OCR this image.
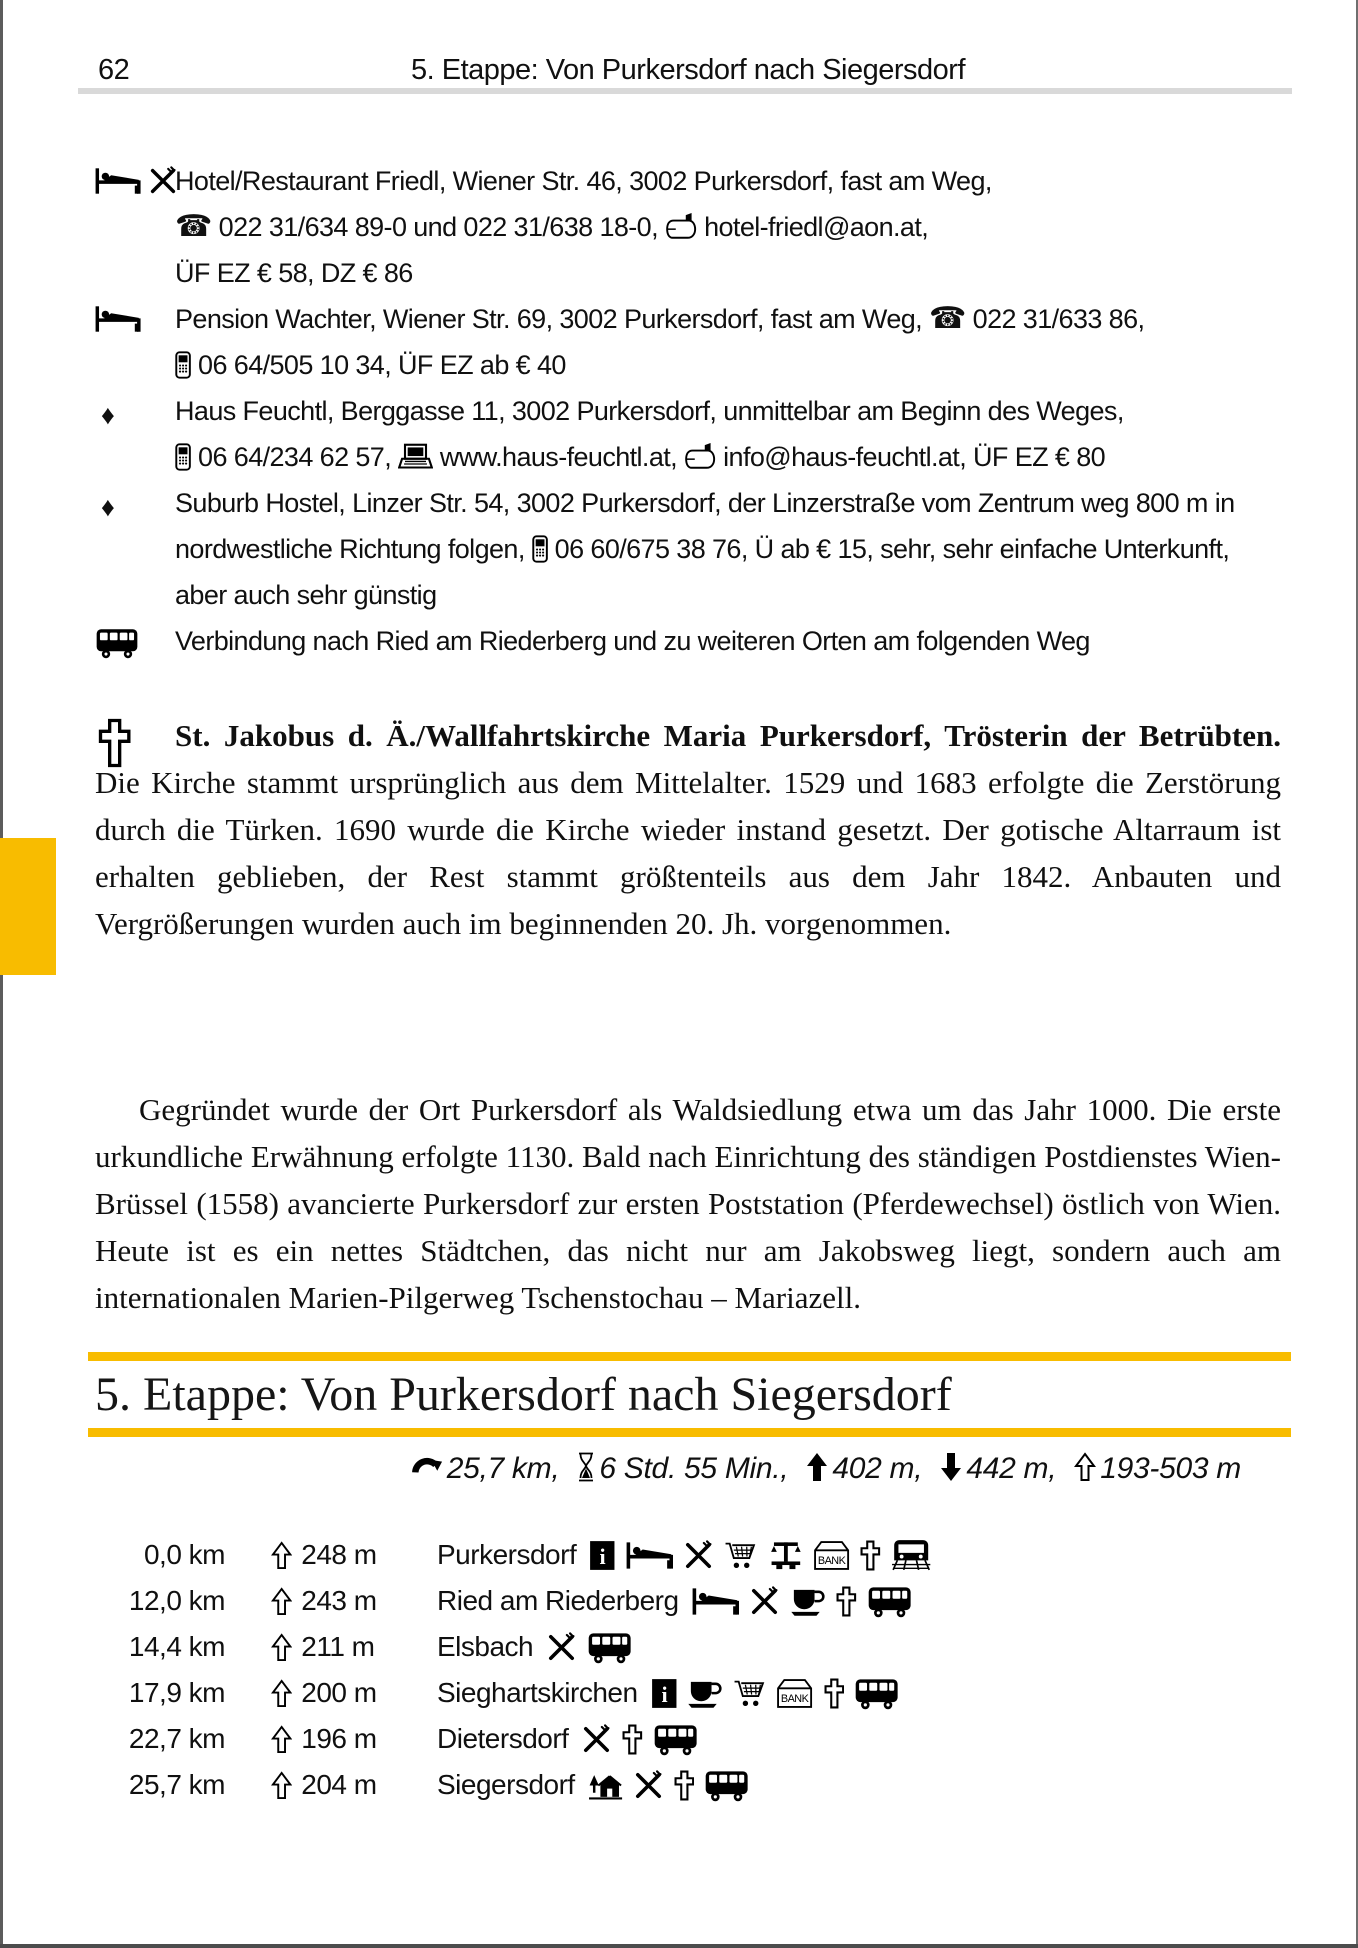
62	5. Etappe: Von Purkersdorf nach Siegersdorf
Hotel/Restaurant Friedl, Wiener Str. 46, 3002 Purkersdorf, fast am Weg,
☎ 022 31/634 89-0 und 022 31/638 18-0,  hotel-friedl@aon.at,
ÜF EZ € 58, DZ € 86
Pension Wachter, Wiener Str. 69, 3002 Purkersdorf, fast am Weg, ☎ 022 31/633 86,
06 64/505 10 34, ÜF EZ ab € 40
♦ Haus Feuchtl, Berggasse 11, 3002 Purkersdorf, unmittelbar am Beginn des Weges,
06 64/234 62 57,  www.haus-feuchtl.at,  info@haus-feuchtl.at, ÜF EZ € 80
♦ Suburb Hostel, Linzer Str. 54, 3002 Purkersdorf, der Linzerstraße vom Zentrum weg 800 m in nordwestliche Richtung folgen,  06 60/675 38 76, Ü ab € 15, sehr, sehr einfache Unterkunft, aber auch sehr günstig
Verbindung nach Ried am Riederberg und zu weiteren Orten am folgenden Weg

St. Jakobus d. Ä./Wallfahrtskirche Maria Purkersdorf, Trösterin der Betrübten. Die Kirche stammt ursprünglich aus dem Mittelalter. 1529 und 1683 erfolgte die Zerstörung durch die Türken. 1690 wurde die Kirche wieder instand gesetzt. Der gotische Altarraum ist erhalten geblieben, der Rest stammt größtenteils aus dem Jahr 1842. Anbauten und Vergrößerungen wurden auch im beginnenden 20. Jh. vorgenommen.

Gegründet wurde der Ort Purkersdorf als Waldsiedlung etwa um das Jahr 1000. Die erste urkundliche Erwähnung erfolgte 1130. Bald nach Einrichtung des ständigen Postdienstes Wien-Brüssel (1558) avancierte Purkersdorf zur ersten Poststation (Pferdewechsel) östlich von Wien. Heute ist es ein nettes Städtchen, das nicht nur am Jakobsweg liegt, sondern auch am internationalen Marien-Pilgerweg Tschenstochau – Mariazell.

5. Etappe: Von Purkersdorf nach Siegersdorf
25,7 km, 6 Std. 55 Min., 402 m, 442 m, 193-503 m
0,0 km	248 m Purkersdorf i	BANK
12,0 km	243 m Ried am Riederberg
14,4 km	211 m Elsbach
17,9 km	200 m Sieghartskirchen i	BANK
22,7 km	196 m Dietersdorf
25,7 km	204 m Siegersdorf
